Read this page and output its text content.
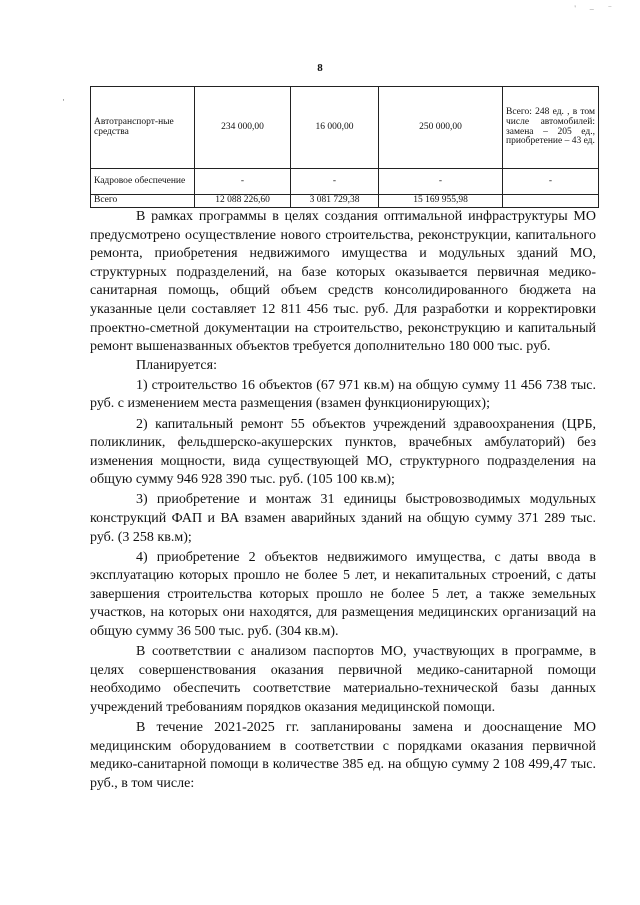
' – ⁻
8
·
Автотранспорт-ные средства	234 000,00	16 000,00	250 000,00	Всего: 248 ед. , в том числе автомобилей: замена – 205 ед., приобретение – 43 ед.
Кадровое обеспечение	-	-	-	-
Всего	12 088 226,60	3 081 729,38	15 169 955,98	

В рамках программы в целях создания оптимальной инфраструктуры МО предусмотрено осуществление нового строительства, реконструкции, капитального ремонта, приобретения недвижимого имущества и модульных зданий МО, структурных подразделений, на базе которых оказывается первичная медико-санитарная помощь, общий объем средств консолидированного бюджета на указанные цели составляет 12 811 456 тыс. руб. Для разработки и корректировки проектно-сметной документации на строительство, реконструкцию и капитальный ремонт вышеназванных объектов требуется дополнительно 180 000 тыс. руб.

Планируется:

1) строительство 16 объектов (67 971 кв.м) на общую сумму 11 456 738 тыс. руб. с изменением места размещения (взамен функционирующих);

2) капитальный ремонт 55 объектов учреждений здравоохранения (ЦРБ, поликлиник, фельдшерско-акушерских пунктов, врачебных амбулаторий) без изменения мощности, вида существующей МО, структурного подразделения на общую сумму 946 928 390 тыс. руб. (105 100 кв.м);

3) приобретение и монтаж 31 единицы быстровозводимых модульных конструкций ФАП и ВА взамен аварийных зданий на общую сумму 371 289 тыс. руб. (3 258 кв.м);

4) приобретение 2 объектов недвижимого имущества, с даты ввода в эксплуатацию которых прошло не более 5 лет, и некапитальных строений, с даты завершения строительства которых прошло не более 5 лет, а также земельных участков, на которых они находятся, для размещения медицинских организаций на общую сумму 36 500 тыс. руб. (304 кв.м).

В соответствии с анализом паспортов МО, участвующих в программе, в целях совершенствования оказания первичной медико-санитарной помощи необходимо обеспечить соответствие материально-технической базы данных учреждений требованиям порядков оказания медицинской помощи.

В течение 2021-2025 гг. запланированы замена и дооснащение МО медицинским оборудованием в соответствии с порядками оказания первичной медико-санитарной помощи в количестве 385 ед. на общую сумму 2 108 499,47 тыс. руб., в том числе:
